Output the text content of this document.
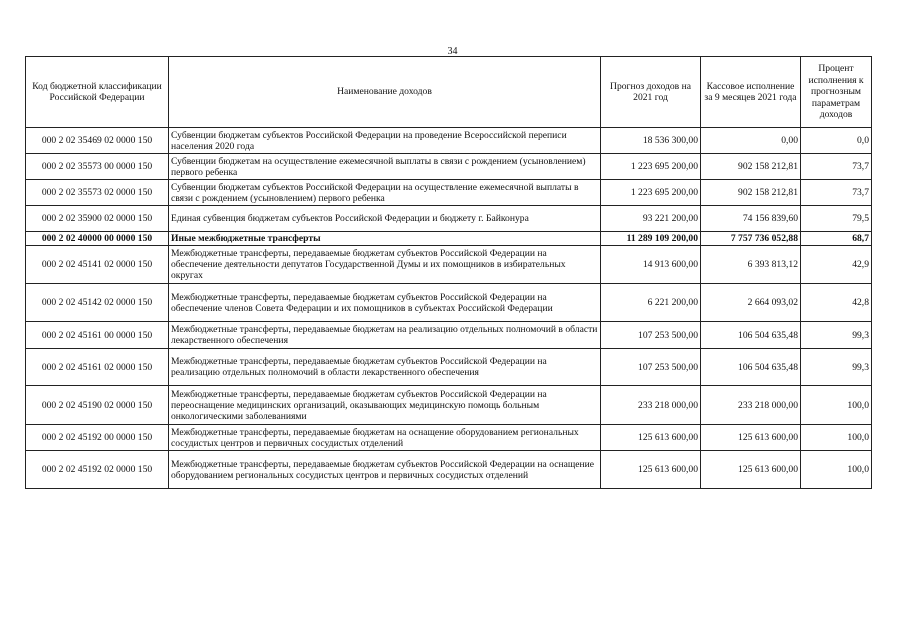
34
Код бюджетной классификации Российской Федерации	Наименование доходов	Прогноз доходов на 2021 год	Кассовое исполнение за 9 месяцев 2021 года	Процент исполнения к прогнозным параметрам доходов
000 2 02 35469 02 0000 150	Субвенции бюджетам субъектов Российской Федерации на проведение Всероссийской переписи населения 2020 года	18 536 300,00	0,00	0,0
000 2 02 35573 00 0000 150	Субвенции бюджетам на осуществление ежемесячной выплаты в связи с рождением (усыновлением) первого ребенка	1 223 695 200,00	902 158 212,81	73,7
000 2 02 35573 02 0000 150	Субвенции бюджетам субъектов Российской Федерации на осуществление ежемесячной выплаты в связи с рождением (усыновлением) первого ребенка	1 223 695 200,00	902 158 212,81	73,7
000 2 02 35900 02 0000 150	Единая субвенция бюджетам субъектов Российской Федерации и бюджету г. Байконура	93 221 200,00	74 156 839,60	79,5
000 2 02 40000 00 0000 150	Иные межбюджетные трансферты	11 289 109 200,00	7 757 736 052,88	68,7
000 2 02 45141 02 0000 150	Межбюджетные трансферты, передаваемые бюджетам субъектов Российской Федерации на обеспечение деятельности депутатов Государственной Думы и их помощников в избирательных округах	14 913 600,00	6 393 813,12	42,9
000 2 02 45142 02 0000 150	Межбюджетные трансферты, передаваемые бюджетам субъектов Российской Федерации на обеспечение членов Совета Федерации и их помощников в субъектах Российской Федерации	6 221 200,00	2 664 093,02	42,8
000 2 02 45161 00 0000 150	Межбюджетные трансферты, передаваемые бюджетам на реализацию отдельных полномочий в области лекарственного обеспечения	107 253 500,00	106 504 635,48	99,3
000 2 02 45161 02 0000 150	Межбюджетные трансферты, передаваемые бюджетам субъектов Российской Федерации на реализацию отдельных полномочий в области лекарственного обеспечения	107 253 500,00	106 504 635,48	99,3
000 2 02 45190 02 0000 150	Межбюджетные трансферты, передаваемые бюджетам субъектов Российской Федерации на переоснащение медицинских организаций, оказывающих медицинскую помощь больным онкологическими заболеваниями	233 218 000,00	233 218 000,00	100,0
000 2 02 45192 00 0000 150	Межбюджетные трансферты, передаваемые бюджетам на оснащение оборудованием региональных сосудистых центров и первичных сосудистых отделений	125 613 600,00	125 613 600,00	100,0
000 2 02 45192 02 0000 150	Межбюджетные трансферты, передаваемые бюджетам субъектов Российской Федерации на оснащение оборудованием региональных сосудистых центров и первичных сосудистых отделений	125 613 600,00	125 613 600,00	100,0
